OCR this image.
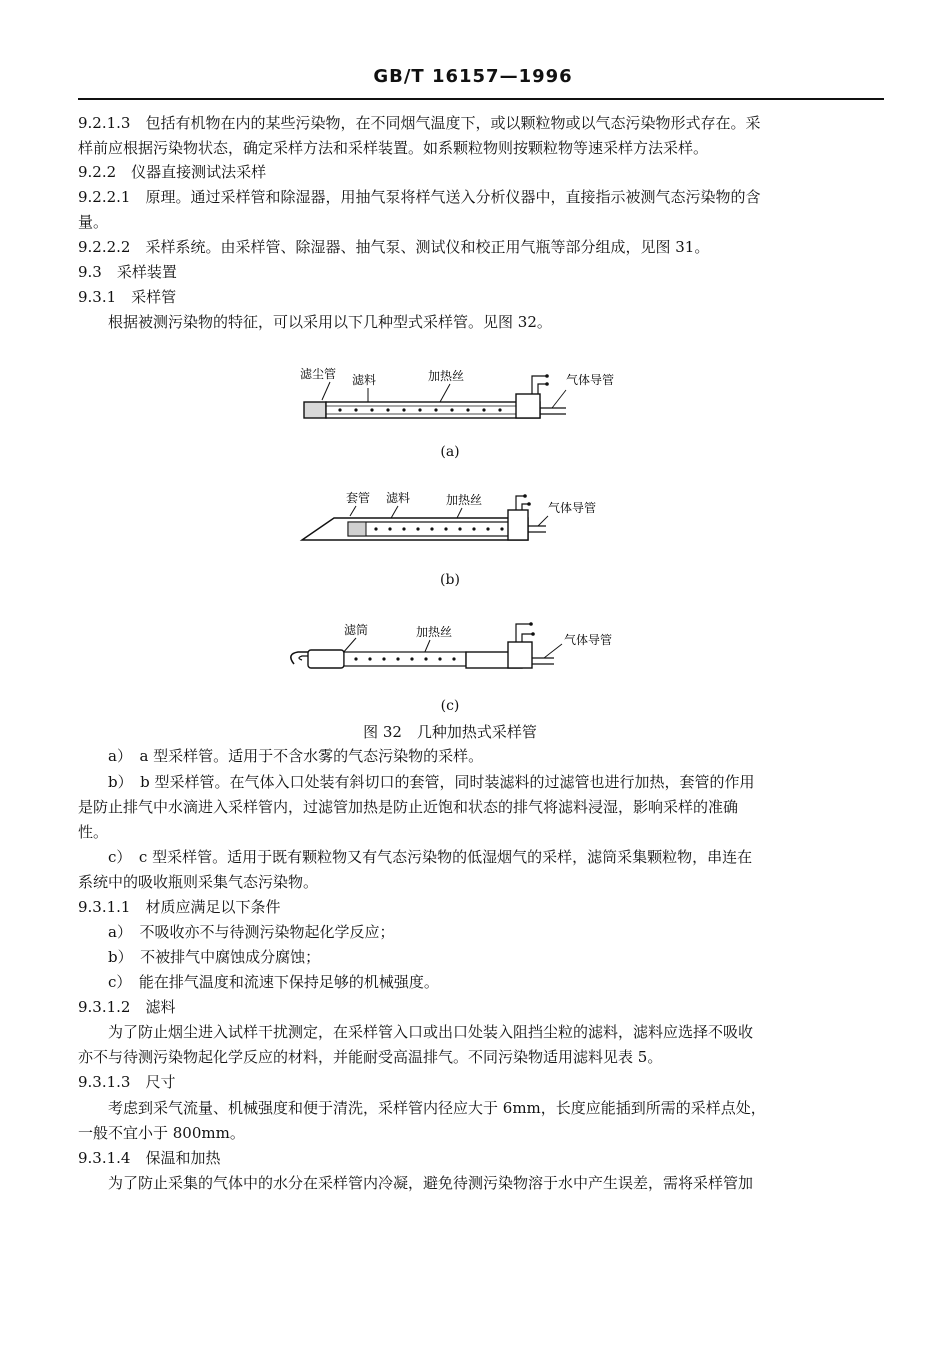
GB/T 16157—1996
9.2.1.3　包括有机物在内的某些污染物，在不同烟气温度下，或以颗粒物或以气态污染物形式存在。采
样前应根据污染物状态，确定采样方法和采样装置。如系颗粒物则按颗粒物等速采样方法采样。
9.2.2　仪器直接测试法采样
9.2.2.1　原理。通过采样管和除湿器，用抽气泵将样气送入分析仪器中，直接指示被测气态污染物的含
量。
9.2.2.2　采样系统。由采样管、除湿器、抽气泵、测试仪和校正用气瓶等部分组成，见图 31。
9.3　采样装置
9.3.1　采样管
根据被测污染物的特征，可以采用以下几种型式采样管。见图 32。
滤尘管 滤料	加热丝	气体导管
(a)
套管 滤料	加热丝
气体导管
(b)
滤筒	加热丝
气体导管
(c)
图 32　几种加热式采样管
a）　a 型采样管。适用于不含水雾的气态污染物的采样。
b）　b 型采样管。在气体入口处装有斜切口的套管，同时装滤料的过滤管也进行加热，套管的作用
是防止排气中水滴进入采样管内，过滤管加热是防止近饱和状态的排气将滤料浸湿，影响采样的准确
性。
c）　c 型采样管。适用于既有颗粒物又有气态污染物的低湿烟气的采样，滤筒采集颗粒物，串连在
系统中的吸收瓶则采集气态污染物。
9.3.1.1　材质应满足以下条件
a）　不吸收亦不与待测污染物起化学反应；
b）　不被排气中腐蚀成分腐蚀；
c）　能在排气温度和流速下保持足够的机械强度。
9.3.1.2　滤料
为了防止烟尘进入试样干扰测定，在采样管入口或出口处装入阻挡尘粒的滤料，滤料应选择不吸收
亦不与待测污染物起化学反应的材料，并能耐受高温排气。不同污染物适用滤料见表 5。
9.3.1.3　尺寸
考虑到采气流量、机械强度和便于清洗，采样管内径应大于 6mm，长度应能插到所需的采样点处，
一般不宜小于 800mm。
9.3.1.4　保温和加热
为了防止采集的气体中的水分在采样管内冷凝，避免待测污染物溶于水中产生误差，需将采样管加
